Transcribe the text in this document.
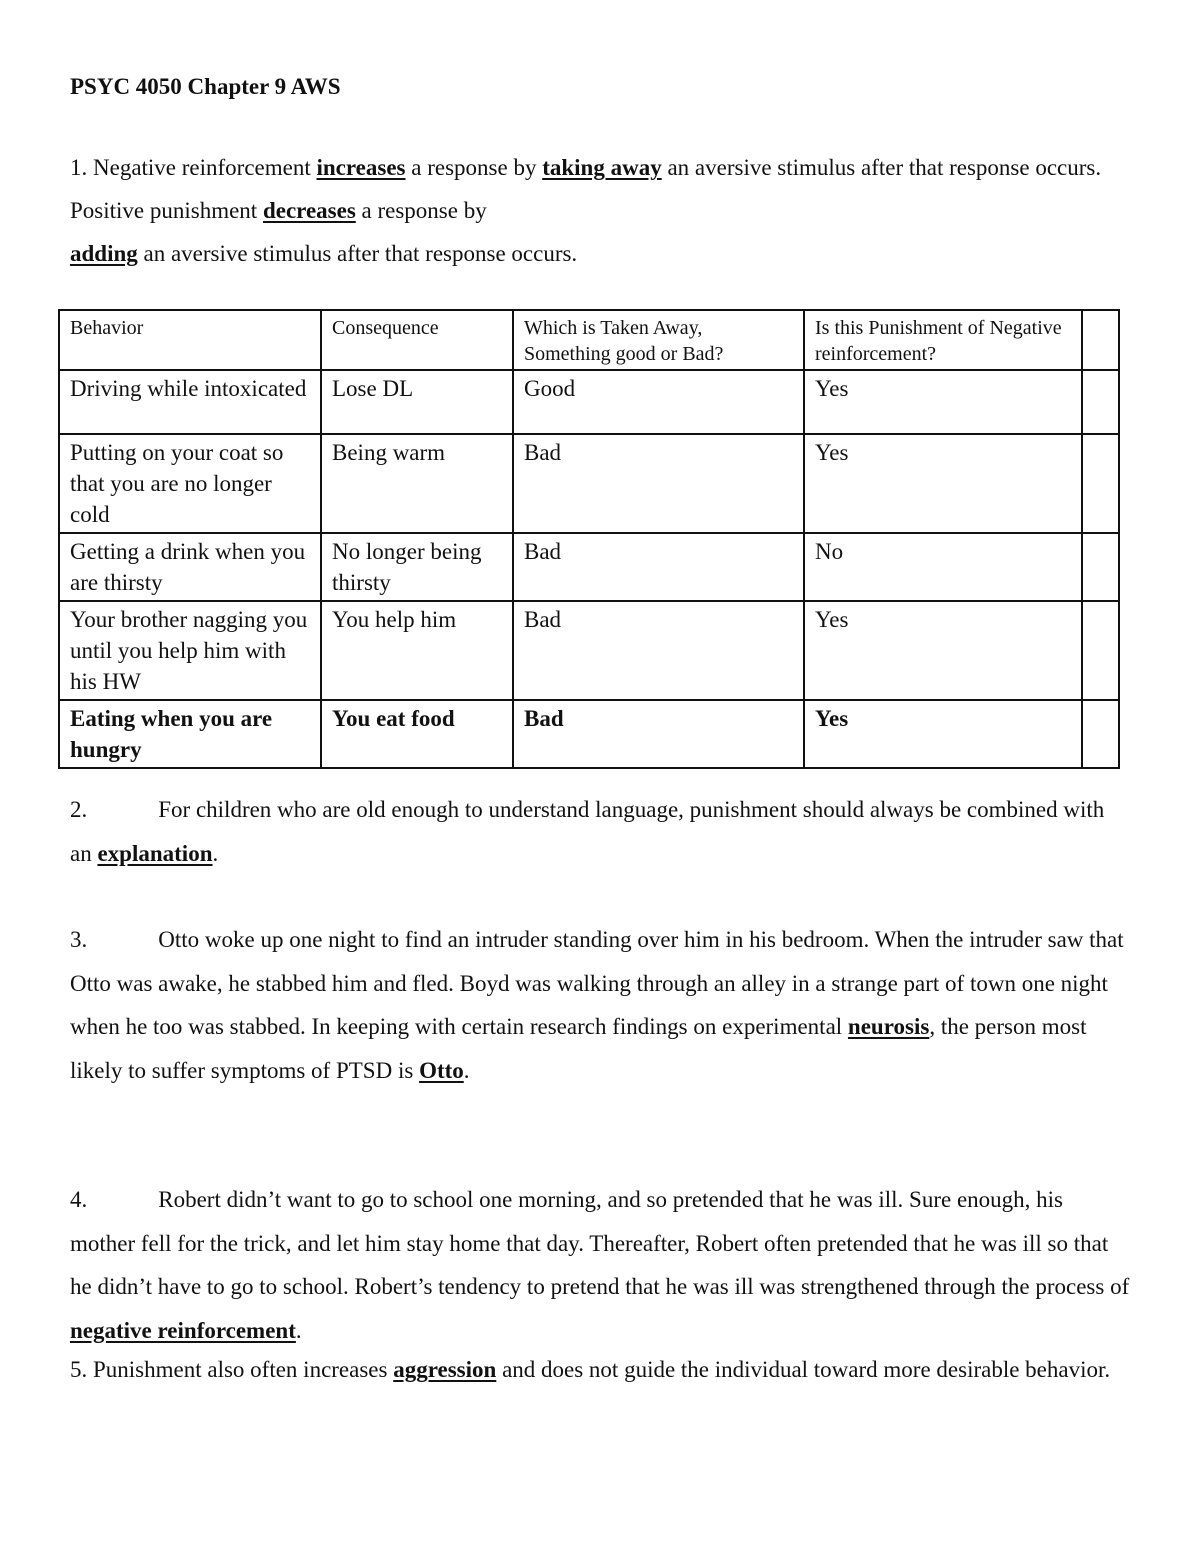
PSYC 4050 Chapter 9 AWS

1. Negative reinforcement increases a response by taking away an aversive stimulus after that response occurs. Positive punishment decreases a response by
adding an aversive stimulus after that response occurs.

Behavior	Consequence	Which is Taken Away, Something good or Bad?	Is this Punishment of Negative reinforcement?	
Driving while intoxicated	Lose DL	Good	Yes	
Putting on your coat so that you are no longer cold	Being warm	Bad	Yes	
Getting a drink when you are thirsty	No longer being thirsty	Bad	No	
Your brother nagging you until you help him with his HW	You help him	Bad	Yes	
Eating when you are hungry	You eat food	Bad	Yes	

2.	For children who are old enough to understand language, punishment should always be combined with an explanation.

3.	Otto woke up one night to find an intruder standing over him in his bedroom. When the intruder saw that Otto was awake, he stabbed him and fled. Boyd was walking through an alley in a strange part of town one night when he too was stabbed. In keeping with certain research findings on experimental neurosis, the person most likely to suffer symptoms of PTSD is Otto.

4.	Robert didn’t want to go to school one morning, and so pretended that he was ill. Sure enough, his mother fell for the trick, and let him stay home that day. Thereafter, Robert often pretended that he was ill so that he didn’t have to go to school. Robert’s tendency to pretend that he was ill was strengthened through the process of negative reinforcement.

5. Punishment also often increases aggression and does not guide the individual toward more desirable behavior.
